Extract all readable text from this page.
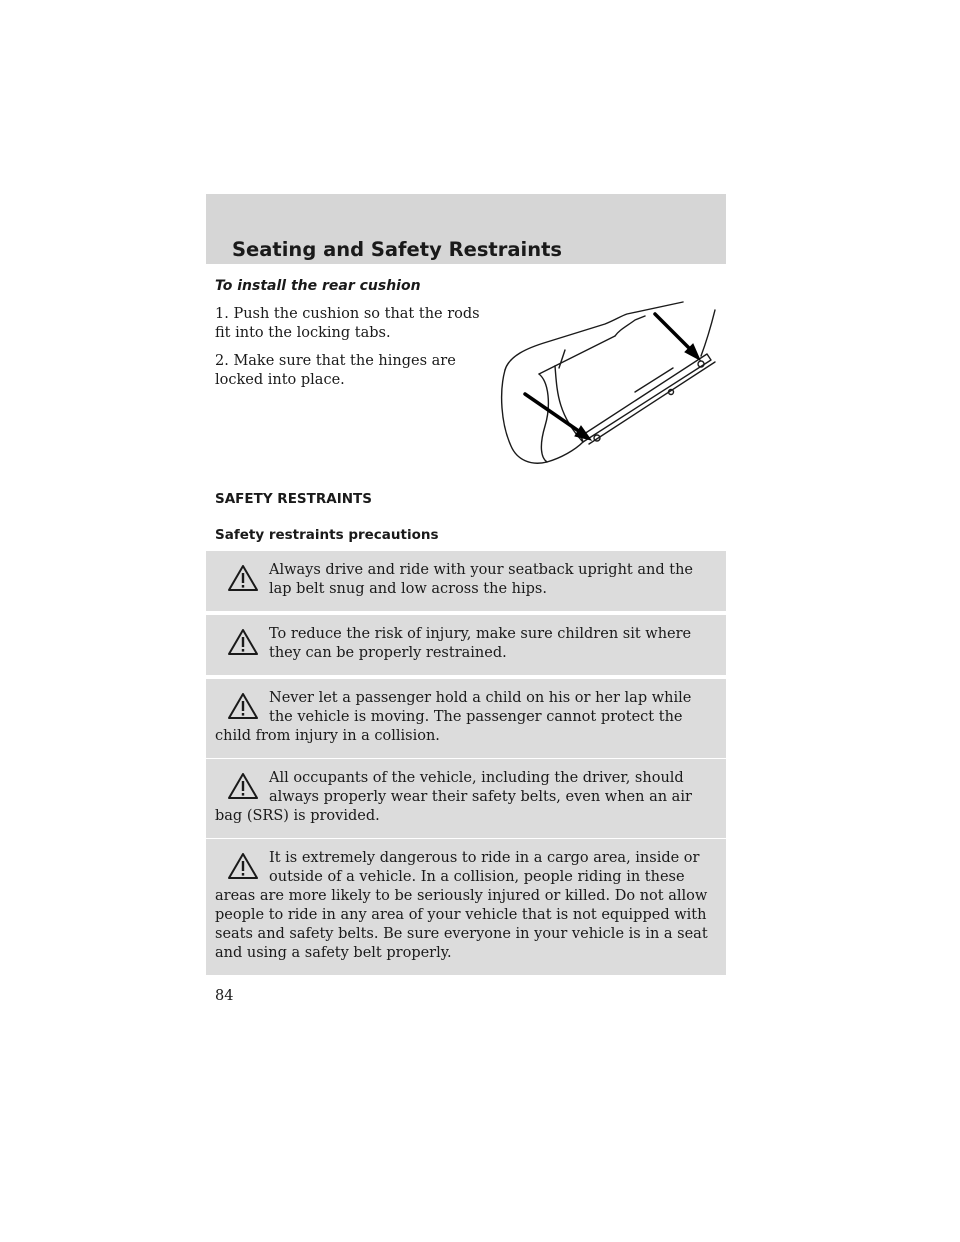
Seating and Safety Restraints
To install the rear cushion
1. Push the cushion so that the rods fit into the locking tabs.
2. Make sure that the hinges are locked into place.
SAFETY RESTRAINTS
Safety restraints precautions
Always drive and ride with your seatback upright and the lap belt snug and low across the hips.
To reduce the risk of injury, make sure children sit where they can be properly restrained.
Never let a passenger hold a child on his or her lap while the vehicle is moving. The passenger cannot protect the child from injury in a collision.
All occupants of the vehicle, including the driver, should always properly wear their safety belts, even when an air bag (SRS) is provided.
It is extremely dangerous to ride in a cargo area, inside or outside of a vehicle. In a collision, people riding in these areas are more likely to be seriously injured or killed. Do not allow people to ride in any area of your vehicle that is not equipped with seats and safety belts. Be sure everyone in your vehicle is in a seat and using a safety belt properly.
84
